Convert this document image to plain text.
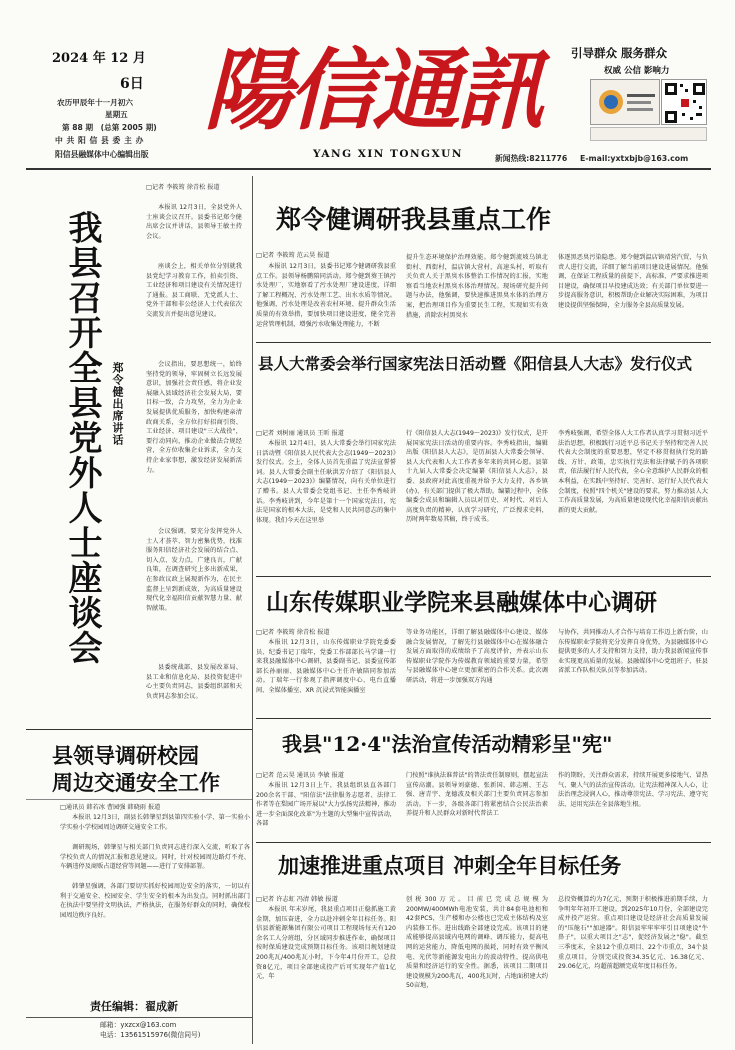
2024 年 12 月
6日
农历甲辰年十一月初六
星期五
第 88 期　(总第 2005 期)
中 共 阳 信 县 委 主 办
阳信县融媒体中心编辑出版
陽信通訊
YANG XIN TONGXUN
引导群众 服务群众
权威 公信 影响力
新闻热线:8211776 E-mail:yxtxbjb@163.com
□记者 李筱筠 徐青松 报道
本报讯 12月3日，全县党外人士座谈会议召开。县委书记郑令健出席会议并讲话，县领导王敏主持会议。
座谈会上，相关单位分别就我县党纪学习教育工作，拍卖引资、工业经济和项目建设有关情况进行了通报。县工商联、无党派人士、党外干部和非公经济人士代表依次交流发言并提出意见建议。
会议指出，要思想统一，始终坚持党的领导，牢固树立长远发展意识，加强社会责任感，将企业发展融入县域经济社会发展大局，要目标一致，合力攻坚，全力为企业发展提供优质服务，加快构建亲清政商关系，全方位打好招商引资、工业经济、项目建设"三大战役"，要行动同向，推动企业做法合规经营，全方位收集企业诉求，全力支持企业家事想，激发经济发展新活力。
会议强调，要充分发挥党外人士人才荟萃、智力密集优势，找准服务阳信经济社会发展的结合点、切入点、发力点，广建良言，广献良策，在调查研究上多出新成果，在参政议政上展现新作为，在民主监督上呈到新成效，为高质量建设现代化幸福阳信贡献智慧力量、献智献策。
县委统战部、县发展改革局、县工业和信息化局、县投资促进中心主要负责同志，县委组织部和天负责同志参加会议。
我县召开全县党外人士座谈会 郑令健出席讲话
县领导调研校园
周边交通安全工作
□通讯员 韩若冰 曹园强 韩晓雨 报道
本报讯 12月3日，副县长韩肇星到县第四实验小学、第一实验小学实验小学校园周边调研交通安全工作。
调研现场，韩肇星与相关部门负责同志进行深入交流，听取了各学校负责人的情况汇报和意见建议。同时，针对校园周边路灯不亮、车辆违停及商贩占道经营等问题——进行了安排部署。
韩肇星强调，各部门要切实抓好校园周边安全的落实，一切以有利于交通安全、校园安全、学生安全的根本为出发点。同时抓出部门在执法中要坚持文明执法，严格执法，在服务好群众的同时，确保校园周边秩序良好。
责任编辑：翟成新
邮箱：yxzcx@163.com
电话：13561515976(微信同号)
郑令健调研我县重点工作
□记者 李筱筠 范云昊 报道
本报讯 12月3日，县委书记郑令健调研我县重点工作。县领导杨鹏陪同活动。郑令健到葵王镇污水处理厂，实地察看了污水处理厂建设进度，详细了解工程概况、污水处理工艺、出水水质等情况。他强调，污水处理是改善农村环境、提升群众生活质量的有效举措，要加快项目建设进度，健全完善运营管理机制，增强污水收集处理能力，不断
提升生态环境保护治理效能。郑令健到流坡乌镇北街村、西街村，温店镇大营村，高速头村，听取有关负责人关于黑臭水体整治工作情况的汇报，实地察看当地农村黑臭水体治理情况。现场研究提升问题与办法，他强调，要快速推进黑臭水体的治理方案，把治理项目作为重要民生工程，实现如实有效措施，消除农村黑臭水
体逐黑恶臭污染隐患。郑令健到温店镇靖营汽贸，与负责人进行交流，详细了解当前项目建设进展情况。他强调，在保证工程质量的前提下，高标准、严要求推进项目建设，确保项目早投建成达效；有关部门单位要进一步提高服务意识，积极帮助企业解决实际困难，为项目建设提供坚强保障，全力服务全县高质量发展。
县人大常委会举行国家宪法日活动暨《阳信县人大志》发行仪式
□记者 刘树丽 通讯员 王昕 报道
本报讯 12月4日，县人大常委会举行国家宪法日活动暨《阳信县人民代表大会志(1949～2023)》发行仪式。会上，全体人员首先重温了宪法宣誓誓词。县人大常委会副主任耿洪芳介绍了《阳信县人大志(1949～2023)》编纂情况，向有关单位进行了赠书。县人大常委会党组书记、主任李秀岐讲话。李秀岐讲到，今年是第十一个国家宪法日，宪法是国家的根本大法，是党和人民共同意志的集中体现。我们今天在这里举
行《阳信县人大志(1949～2023)》发行仪式，是开展国家宪法日活动的重要内容。李秀岐指出，编辑出版《阳信县人大志》，是历届县人大常委会领导、县人大代表和人大工作者多年来的共同心愿。县第十九届人大常委会决定编纂《阳信县人大志》，县委、县政府对此高度重视并给予大力支持，各乡镇(办)、有关部门提供了极大帮助。编纂过程中，全体编委会成员和编辑人员以对历史、对时代、对后人高度负责的精神，认真学习研究，广泛搜求史料，历时两年数易其稿，终于成书。
李秀岐强调，希望全体人大工作者认真学习贯彻习近平法治思想，积极践行习近平总书记关于坚持和完善人民代表大会制度的重要思想，坚定不移贯彻执行党的路线、方针、政策，忠实执行宪法和法律赋予的各项职责，依法履行好人民代表，全心全意维护人民群众的根本利益，在实践中坚持好、完善好、运行好人民代表大会制度，按照"四个机关"建设的要求，努力推动县人大工作高质量发展，为高质量建设现代化幸福阳信贡献出新的更大贡献。
山东传媒职业学院来县融媒体中心调研
□记者 李筱筠 徐青松 报道
本报讯 12月3日，山东传媒职业学院党委委员、纪委书记丁瑞年，党委工作部部长马学谦一行来我县融媒体中心调研，县委副书记、县委宣传部部长孙丽丽、县融媒体中心主任许敏陪同参加活动。丁瑞年一行参观了指挥调度中心、电台直播间、全媒体播室、XR 沉浸式智能演播室
等业务功能区，详细了解县融媒体中心建设、媒体融合发展情况，了解先行县融媒体中心在媒体融合发展方面取得的成绩给予了高度评价，并表示山东传媒职业学院作为传媒教育领域的重要力量，希望与县融媒体中心建立更加紧密的合作关系。此次调研活动，将进一步加强双方沟通
与协作，共同推动人才合作与培育工作迈上新台阶，山东传媒职业学院将充分发挥自身优势，为县融媒体中心提供更多的人才支持和智力支持，助力我县新闻宣传事业实现更高质量的发展。县融媒体中心党组班子、驻县省派工作队相关队员等参加活动。
我县"12·4"法治宣传活动精彩呈"宪"
□记者 范云昊 通讯员 李敏 报道
本报讯 12月3日上午，我县组织县直各部门200余名干部、"阳信法"法律服务志愿者、法律工作者等在梨园广场开展以"大力弘扬宪法精神，推动进一步全面深化改革"为主题的大型集中宣传活动，各部
门按照"谁执法谁普法"的普法责任制原则，摆起宣法宣传高潮。县领导刘豪德、张新国、韩志刚、王志强、唐青宇、龙德波及相关部门主要负责同志参加活动。下一步，各级各部门将紧密结合公民法治素养提升和人民群众对新时代普法工
作的期盼，关注群众需求，持续开展更多接地气、冒热气、聚人气的法治宣传活动，让宪法精神深入人心，让法治理念浸润人心，推动尊崇宪法、学习宪法、遵守宪法、运用宪法在全县落地生根。
加速推进重点项目 冲刺全年目标任务
□记者 许志虹 冯清 韩敏 报道
本报讯 年末岁尾，我县重点项目正稳抓施工黄金期，加压奋进，全力以赴冲刺全年目标任务。阳信县新能源集团有限公司项目工程现场每天有120余名工人分班组，分区域同步推进作业，确保项目按时保质建设完成预期目标任务。该项目规划建设200兆瓦/400兆瓦小时，下今年4月份开工，总投资8亿元，项目全部建成投产后可实现年产值1亿元，年
创税300万元。目前已完成总规模为200MW/400MWh电池安装，共计84套电池柜和42套PCS，生产楼和办公楼也已完成主体结构及室内装修工作。进出线路全部建设完成。该项目的建成能够提高县域内电网的调峰、调压能力，提高电网的运营能力，降低电网的损耗，同时有效平衡风电、光伏等新能源发电出力的波动特性，提高供电质量和经济运行的安全性。据悉，该项目二期项目建设规模为200兆瓦，400兆瓦时，占地面积建大约50亩地，
总投资概算约为7亿元，预期于积极推进前期手续，力争明年年初开工建设。到2025年10月份，全部建设完成并投产运营。重点项目建设是经济社会高质量发展的"压舱石""加速器"。阳信县牢牢牢牢引目项建设"牛鼻子"，以重大项目之"志"，促经济发展之"稳"。截至三季度末，全县12个重点项目、22个市重点，34个县重点项目，分别完成投资34.35亿元、16.38亿元、29.06亿元，均超前超额完成年度目标任务。
